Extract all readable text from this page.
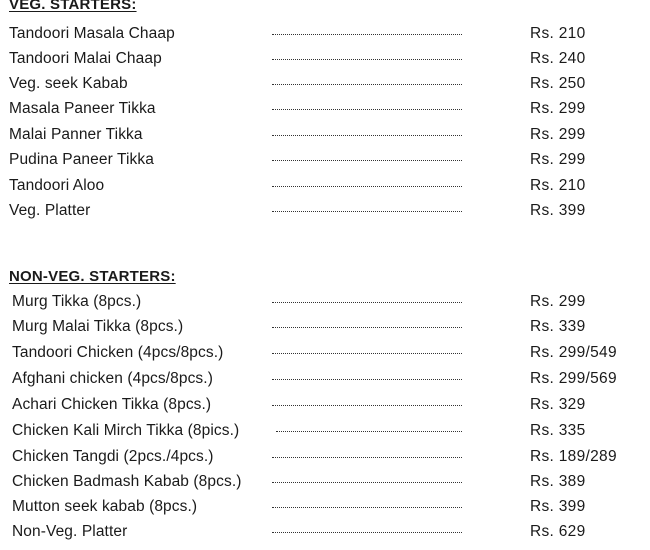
VEG. STARTERS:
Tandoori Masala Chaap	Rs. 210
Tandoori Malai Chaap	Rs. 240
Veg. seek Kabab	Rs. 250
Masala Paneer Tikka	Rs. 299
Malai Panner Tikka	Rs. 299
Pudina Paneer Tikka	Rs. 299
Tandoori Aloo	Rs. 210
Veg. Platter	Rs. 399
NON-VEG. STARTERS:
Murg Tikka (8pcs.)	Rs. 299
Murg Malai Tikka (8pcs.)	Rs. 339
Tandoori Chicken (4pcs/8pcs.)	Rs. 299/549
Afghani chicken (4pcs/8pcs.)	Rs. 299/569
Achari Chicken Tikka (8pcs.)	Rs. 329
Chicken Kali Mirch Tikka (8pics.)	Rs. 335
Chicken Tangdi (2pcs./4pcs.)	Rs. 189/289
Chicken Badmash Kabab (8pcs.)	Rs. 389
Mutton seek kabab (8pcs.)	Rs. 399
Non-Veg. Platter	Rs. 629
